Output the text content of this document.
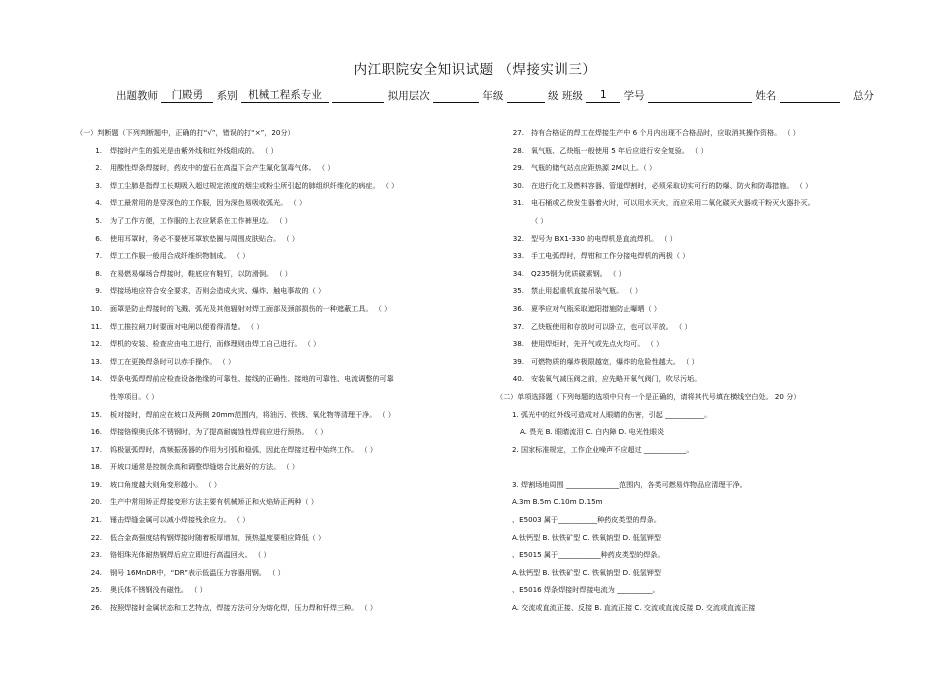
内江职院安全知识试题 （焊接实训三）
出题教师 门殿勇 系别 机械工程系专业	拟用层次	年级	级 班级 1 学号	姓名	总分
（一）判断题（下列判断题中，正确的打“√”，错误的打“×”，20分）
1. 焊接时产生的弧光是由紫外线和红外线组成的。 （ ）
2. 用酸性焊条焊接时，药皮中的萤石在高温下会产生氟化氢毒气体。 （ ）
3. 焊工尘肺是指焊工长期吸入超过规定浓度的烟尘或粉尘所引起的肺组织纤维化的病症。 （ ）
4. 焊工最常用的是穿深色的工作服，因为深色易吸收弧光。 （ ）
5. 为了工作方便，工作服的上衣应紧系在工作裤里边。 （ ）
6. 使用耳罩时，务必不要使耳罩软垫圈与周围皮肤贴合。 （ ）
7. 焊工工作服一般用合成纤维织物制成。 （ ）
8. 在易燃易爆场合焊接时，鞋底应有鞋钉，以防滑倒。 （ ）
9. 焊接场地应符合安全要求，否则会造成火灾、爆炸、触电事故的（ ）
10. 面罩是防止焊接时的飞溅、弧光及其他辐射对焊工面部及颈部损伤的一种遮蔽工具。 （ ）
11. 焊工推拉闸刀时要面对电闸以便看得清楚。 （ ）
12. 焊机的安装、检查应由电工进行，而修理则由焊工自己进行。 （ ）
13. 焊工在更换焊条时可以赤手操作。 （ ）
14. 焊条电弧焊焊前应检查设备绝缘的可靠性、接线的正确性、接地的可靠性、电流调整的可靠
性等项目。（ ）
15. 板对接时，焊前应在坡口及两侧 20mm范围内，将油污、铁锈、氧化物等清理干净。 （ ）
16. 焊接铬镍奥氏体不锈钢时，为了提高耐腐蚀性焊前应进行预热。 （ ）
17. 钨极氩弧焊时，高频振荡器的作用为引弧和稳弧，因此在焊接过程中始终工作。 （ ）
18. 开坡口通常是控制余高和调整焊缝熔合比最好的方法。 （ ）
19. 坡口角度越大则角变形越小。 （ ）
20. 生产中常用矫正焊接变形方法主要有机械矫正和火焰矫正两种（ ）
21. 锤击焊缝金属可以减小焊接残余应力。 （ ）
22. 低合金高强度结构钢焊接时随着板厚增加，预热温度要相应降低（ ）
23. 铬钼珠光体耐热钢焊后应立即进行高温回火。 （ ）
24. 钢号 16MnDR中，“DR”表示低温压力容器用钢。 （ ）
25. 奥氏体不锈钢没有磁性。 （ ）
26. 按照焊接时金属状态和工艺特点，焊接方法可分为熔化焊，压力焊和钎焊三种。 （ ）
27. 持有合格证的焊工在焊接生产中 6 个月内出现不合格品时，应取消其操作资格。 （ ）
28. 氧气瓶、乙炔瓶一般使用 5 年后应进行安全复验。 （ ）
29. 气瓶的储气站点应距热源 2M以上。（ ）
30. 在进行化工及燃料容器、管道焊割时，必须采取切实可行的防爆、防火和防毒措施。 （ ）
31. 电石桶或乙炔发生器着火时，可以用水灭火，而应采用二氧化碳灭火器或干粉灭火器扑灭。
（ ）
32. 型号为 BX1-330 的电焊机是直流焊机。 （ ）
33. 手工电弧焊时，焊钳和工作分接电焊机的两极（ ）
34. Q235钢为优质碳素钢。 （ ）
35. 禁止用起重机直接吊装气瓶。 （ ）
36. 夏季应对气瓶采取遮阳措施防止曝晒（ ）
37. 乙炔瓶使用和存放时可以卧立，也可以平放。 （ ）
38. 使用焊炬时，先开气或先点火均可。 （ ）
39. 可燃物质的爆炸极限越宽，爆炸的危险性越大。 （ ）
40. 安装氧气减压阀之前，应先略开氧气阀门，吹尽污垢。
（二）单项选择题（下列每题的选项中只有一个是正确的，请将其代号填在横线空白处。 20 分）
1. 弧光中的红外线可造成对人眼睛的伤害，引起 ___________。
A. 畏光 B. 眼睛流泪 C. 白内障 D. 电光性眼炎
2. 国家标准规定，工作企业噪声不应超过 ____________。

3. 焊割场地周围 _______________范围内，各类可燃易炸物品应清理干净。
A.3m B.5m C.10m D.15m
、E5003 属于___________种药皮类型的焊条。
A.钛钙型 B. 钛铁矿型 C. 铁氧钠型 D. 低氢钾型
、E5015 属于____________种药皮类型的焊条。
A.钛钙型 B. 钛铁矿型 C. 铁氧钠型 D. 低氢钾型
、E5016 焊条焊接时焊接电流为 __________。
A. 交流或直流正接、反接 B. 直流正接 C. 交流或直流反接 D. 交流或直流正接
